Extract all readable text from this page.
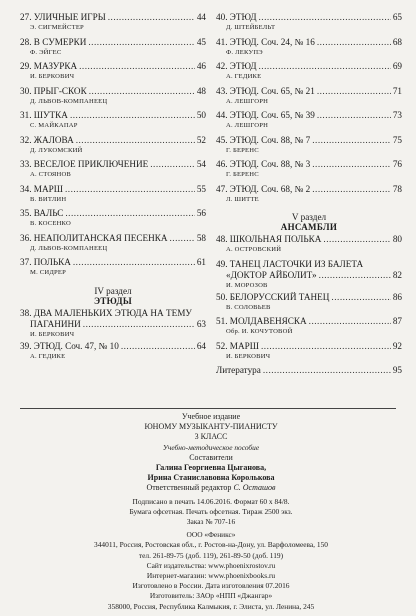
27. УЛИЧНЫЕ ИГРЫ .....	44
Э. СИГМЕЙСТЕР
28. В СУМЕРКИ .....	45
Ф. ЭЙГЕС
29. МАЗУРКА .....	46
И. БЕРКОВИЧ
30. ПРЫГ-СКОК .....	48
Д. ЛЬВОВ-КОМПАНЕЕЦ
31. ШУТКА .....	50
С. МАЙКАПАР
32. ЖАЛОВА .....	52
Д. ЛУКОМСКИЙ
33. ВЕСЕЛОЕ ПРИКЛЮЧЕНИЕ .....	54
А. СТОЯНОВ
34. МАРШ .....	55
В. ВИТЛИН
35. ВАЛЬС .....	56
В. КОСЕНКО
36. НЕАПОЛИТАНСКАЯ ПЕСЕНКА .....	58
Д. ЛЬВОВ-КОМПАНЕЕЦ
37. ПОЛЬКА .....	61
М. СИДРЕР
IV раздел
ЭТЮДЫ
38. ДВА МАЛЕНЬКИХ ЭТЮДА НА ТЕМУ
ПАГАНИНИ .....	63
И. БЕРКОВИЧ
39. ЭТЮД. Соч. 47, № 10 .....	64
А. ГЕДИКЕ
40. ЭТЮД .....	65
Д. ШТЕЙБЕЛЬТ
41. ЭТЮД. Соч. 24, № 16 .....	68
Ф. ЛЕКУПЭ
42. ЭТЮД .....	69
А. ГЕДИКЕ
43. ЭТЮД. Соч. 65, № 21 .....	71
А. ЛЕШГОРН
44. ЭТЮД. Соч. 65, № 39 .....	73
А. ЛЕШГОРН
45. ЭТЮД. Соч. 88, № 7 .....	75
Г. БЕРЕНС
46. ЭТЮД. Соч. 88, № 3 .....	76
Г. БЕРЕНС
47. ЭТЮД. Соч. 68, № 2 .....	78
Л. ШИТТЕ
V раздел
АНСАМБЛИ
48. ШКОЛЬНАЯ ПОЛЬКА .....	80
А. ОСТРОВСКИЙ
49. ТАНЕЦ ЛАСТОЧКИ ИЗ БАЛЕТА
«ДОКТОР АЙБОЛИТ» .....	82
И. МОРОЗОВ
50. БЕЛОРУССКИЙ ТАНЕЦ .....	86
В. СОЛОВЬЕВ
51. МОЛДАВЕНЯСКА .....	87
Обр. И. КОЧУТОВОЙ
52. МАРШ .....	92
И. БЕРКОВИЧ
Литература .....	95
Учебное издание
ЮНОМУ МУЗЫКАНТУ-ПИАНИСТУ
3 КЛАСС
Учебно-методическое пособие
Составители
Галина Георгиевна Цыганова,
Ирина Станиславовна Королькова
Ответственный редактор С. Осташов
Подписано в печать 14.06.2016. Формат 60 x 84/8.
Бумага офсетная. Печать офсетная. Тираж 2500 экз.
Заказ № 707-16
ООО «Феникс»
344011, Россия, Ростовская обл., г. Ростов-на-Дону, ул. Варфоломеева, 150
тел. 261-89-75 (доб. 119), 261-89-50 (доб. 119)
Сайт издательства: www.phoenixrostov.ru
Интернет-магазин: www.phoenixbooks.ru
Изготовлено в России. Дата изготовления 07.2016
Изготовитель: ЗАОр «НПП «Джангар»
358000, Россия, Республика Калмыкия, г. Элиста, ул. Ленина, 245
